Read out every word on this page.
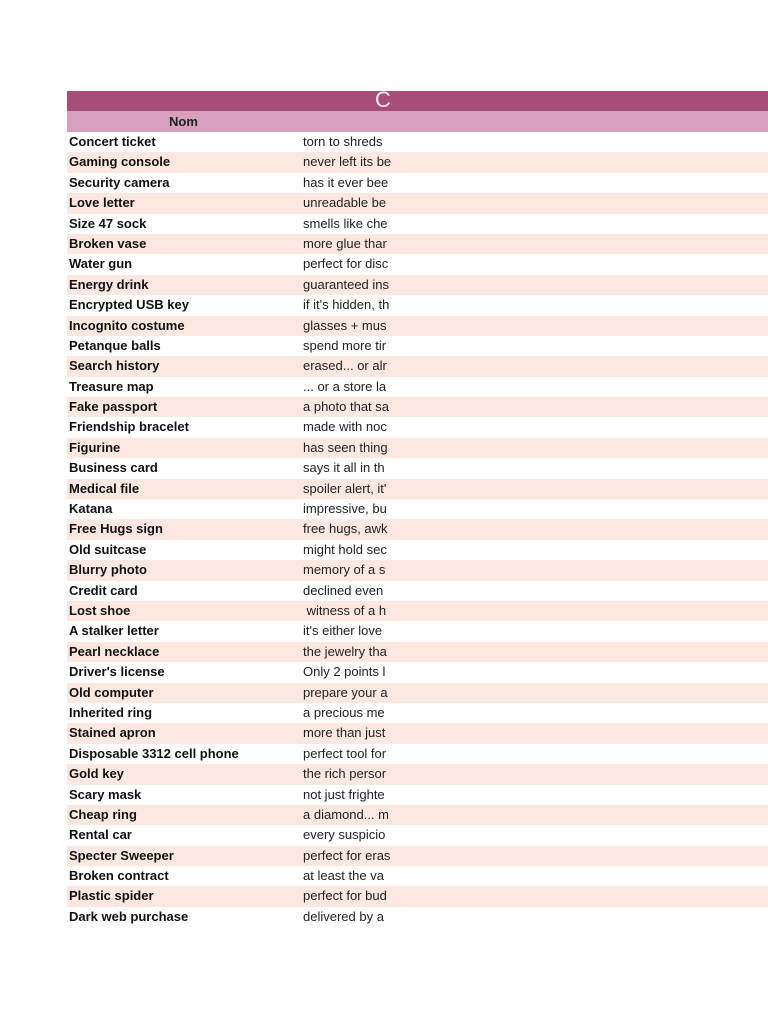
C
Nom
Concert ticket	torn to shreds
Gaming console	never left its be
Security camera	has it ever bee
Love letter	unreadable be
Size 47 sock	smells like che
Broken vase	more glue thar
Water gun	perfect for disc
Energy drink	guaranteed ins
Encrypted USB key	if it's hidden, th
Incognito costume	glasses + mus
Petanque balls	spend more tir
Search history	erased... or alr
Treasure map	... or a store la
Fake passport	a photo that sa
Friendship bracelet	made with noc
Figurine	has seen thing
Business card	says it all in th
Medical file	spoiler alert, it'
Katana	impressive, bu
Free Hugs sign	free hugs, awk
Old suitcase	might hold sec
Blurry photo	memory of a s
Credit card	declined even
Lost shoe	witness of a h
A stalker letter	it's either love
Pearl necklace	the jewelry tha
Driver's license	Only 2 points l
Old computer	prepare your a
Inherited ring	a precious me
Stained apron	more than just
Disposable 3312 cell phone	perfect tool for
Gold key	the rich persor
Scary mask	not just frighte
Cheap ring	a diamond... m
Rental car	every suspicio
Specter Sweeper	perfect for eras
Broken contract	at least the va
Plastic spider	perfect for bud
Dark web purchase	delivered by a
